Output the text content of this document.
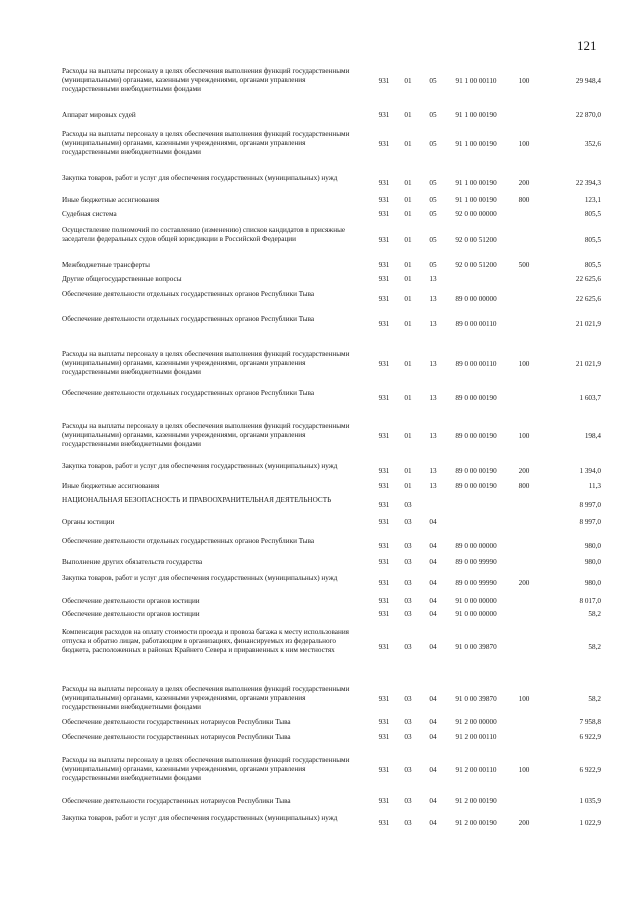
121
Расходы на выплаты персоналу в целях обеспечения выполнения функций государственными (муниципальными) органами, казенными учреждениями, органами управления государственными внебюджетными фондами
931	01	05	91 1 00 00110	100	29 948,4
Аппарат мировых судей	931	01	05	91 1 00 00190	22 870,0
Расходы на выплаты персоналу в целях обеспечения выполнения функций государственными (муниципальными) органами, казенными учреждениями, органами управления государственными внебюджетными фондами
931	01	05	91 1 00 00190	100	352,6
Закупка товаров, работ и услуг для обеспечения государственных (муниципальных) нужд
931	01	05	91 1 00 00190	200	22 394,3
Иные бюджетные ассигнования	931	01	05	91 1 00 00190	800	123,1
Судебная система	931	01	05	92 0 00 00000	805,5
Осуществление полномочий по составлению (изменению) списков кандидатов в присяжные заседатели федеральных судов общей юрисдикции в Российской Федерации	931	01	05	92 0 00 51200	805,5
Межбюджетные трансферты	931	01	05	92 0 00 51200	500	805,5
Другие общегосударственные вопросы	931	01	13	22 625,6
Обеспечение деятельности отдельных государственных органов Республики Тыва
931	01	13	89 0 00 00000	22 625,6
Обеспечение деятельности отдельных государственных органов Республики Тыва
931	01	13	89 0 00 00110	21 021,9
Расходы на выплаты персоналу в целях обеспечения выполнения функций государственными (муниципальными) органами, казенными учреждениями, органами управления государственными внебюджетными фондами
931	01	13	89 0 00 00110	100	21 021,9
Обеспечение деятельности отдельных государственных органов Республики Тыва
931	01	13	89 0 00 00190	1 603,7
Расходы на выплаты персоналу в целях обеспечения выполнения функций государственными (муниципальными) органами, казенными учреждениями, органами управления государственными внебюджетными фондами
931	01	13	89 0 00 00190	100	198,4
Закупка товаров, работ и услуг для обеспечения государственных (муниципальных) нужд
931	01	13	89 0 00 00190	200	1 394,0
Иные бюджетные ассигнования	931	01	13	89 0 00 00190	800	11,3
НАЦИОНАЛЬНАЯ БЕЗОПАСНОСТЬ И ПРАВООХРАНИТЕЛЬНАЯ ДЕЯТЕЛЬНОСТЬ
931	03	8 997,0
Органы юстиции	931	03	04	8 997,0
Обеспечение деятельности отдельных государственных органов Республики Тыва
931	03	04	89 0 00 00000	980,0
Выполнение других обязательств государства	931	03	04	89 0 00 99990	980,0
Закупка товаров, работ и услуг для обеспечения государственных (муниципальных) нужд
931	03	04	89 0 00 99990	200	980,0
Обеспечение деятельности органов юстиции	931	03	04	91 0 00 00000	8 017,0
Обеспечение деятельности органов юстиции	931	03	04	91 0 00 00000	58,2
Компенсация расходов на оплату стоимости проезда и провоза багажа к месту использования отпуска и обратно лицам, работающим в организациях, финансируемых из федерального бюджета, расположенных в районах Крайнего Севера и приравненных к ним местностях	931	03	04	91 0 00 39870	58,2
Расходы на выплаты персоналу в целях обеспечения выполнения функций государственными (муниципальными) органами, казенными учреждениями, органами управления государственными внебюджетными фондами
931	03	04	91 0 00 39870	100	58,2
Обеспечение деятельности государственных нотариусов Республики Тыва	931	03	04	91 2 00 00000	7 958,8
Обеспечение деятельности государственных нотариусов Республики Тыва	931	03	04	91 2 00 00110	6 922,9
Расходы на выплаты персоналу в целях обеспечения выполнения функций государственными (муниципальными) органами, казенными учреждениями, органами управления государственными внебюджетными фондами
931	03	04	91 2 00 00110	100	6 922,9
Обеспечение деятельности государственных нотариусов Республики Тыва	931	03	04	91 2 00 00190	1 035,9
Закупка товаров, работ и услуг для обеспечения государственных (муниципальных) нужд
931	03	04	91 2 00 00190	200	1 022,9
